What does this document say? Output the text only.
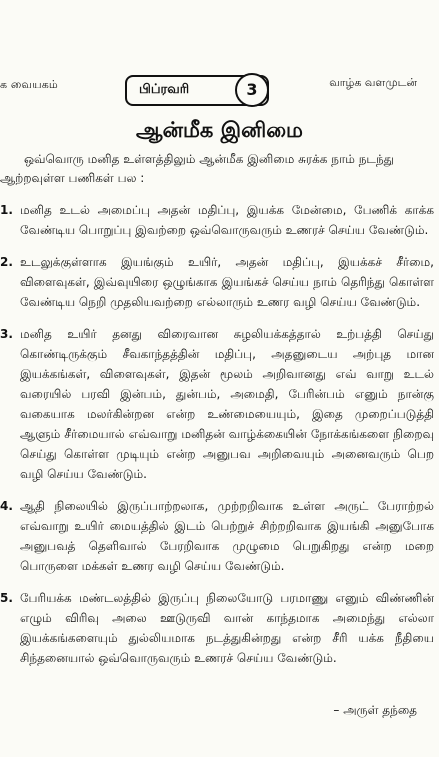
க வையகம்	பிப்ரவரி	3	வாழ்க வளமுடன்
ஆன்மீக இனிமை
ஒவ்வொரு மனித உள்ளத்திலும் ஆன்மீக இனிமை சுரக்க நாம் நடந்து ஆற்றவுள்ள பணிகள் பல :
1. மனித உடல் அமைப்பு அதன் மதிப்பு, இயக்க மேன்மை, பேணிக் காக்க வேண்டிய பொறுப்பு இவற்றை ஒவ்வொருவரும் உணரச் செய்ய வேண்டும்.
2. உடலுக்குள்ளாக இயங்கும் உயிர், அதன் மதிப்பு, இயக்கச் சீர்மை, விளைவுகள், இவ்வுயிரை ஒழுங்காக இயங்கச் செய்ய நாம் தெரிந்து கொள்ள வேண்டிய நெறி முதலியவற்றை எல்லாரும் உணர வழி செய்ய வேண்டும்.
3. மனித உயிர் தனது விரைவான சுழலியக்கத்தால் உற்பத்தி செய்து கொண்டிருக்கும் சீவகாந்தத்தின் மதிப்பு, அதனுடைய அற்புத மான இயக்கங்கள், விளைவுகள், இதன் மூலம் அறிவானது எவ் வாறு உடல் வரையில் பரவி இன்பம், துன்பம், அமைதி, பேரின்பம் எனும் நான்கு வகையாக மலர்கின்றன என்ற உண்மையையும், இதை முறைப்படுத்தி ஆளும் சீர்மையால் எவ்வாறு மனிதன் வாழ்க்கையின் நோக்கங்களை நிறைவு செய்து கொள்ள முடியும் என்ற அனுபவ அறிவையும் அனைவரும் பெற வழி செய்ய வேண்டும்.
4. ஆதி நிலையில் இருப்பாற்றலாக, முற்றறிவாக உள்ள அருட் பேராற்றல் எவ்வாறு உயிர் மையத்தில் இடம் பெற்றுச் சிற்றறிவாக இயங்கி அனுபோக அனுபவத் தெளிவால் பேரறிவாக முழுமை பெறுகிறது என்ற மறை பொருளை மக்கள் உணர வழி செய்ய வேண்டும்.
5. பேரியக்க மண்டலத்தில் இருப்பு நிலையோடு பரமாணு எனும் விண்ணின் எழும் விரிவு அலை ஊடுருவி வான் காந்தமாக அமைந்து எல்லா இயக்கங்களையும் துல்லியமாக நடத்துகின்றது என்ற சீரி யக்க நீதியை சிந்தனையால் ஒவ்வொருவரும் உணரச் செய்ய வேண்டும்.
– அருள் தந்தை
